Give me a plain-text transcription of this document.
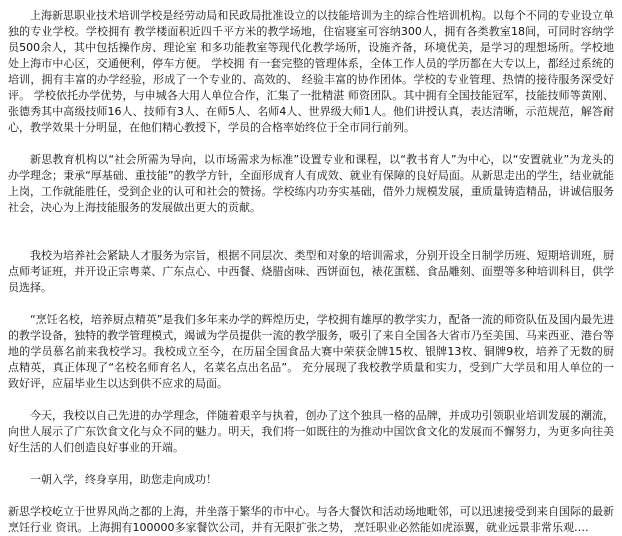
上海新思职业技术培训学校是经劳动局和民政局批准设立的以技能培训为主的综合性培训机构。以每个不同的专业设立单独的专业学校。学校拥有 教学楼面积近四千平方米的教学场地，住宿寝室可容纳300人，拥有各类教室18间，可同时容纳学员500余人，其中包括操作房、理论室 和多功能教室等现代化教学场所，设施齐备，环境优美，是学习的理想场所。学校地处上海市中心区，交通便利，停车方便。 学校拥 有一套完整的管理体系，全体工作人员的学历都在大专以上，都经过系统的培训，拥有丰富的办学经验，形成了一个专业的、高效的、 经验丰富的协作团体。学校的专业管理、热情的接待服务深受好评。 学校依托办学优势，与申城各大用人单位合作，汇集了一批精湛 师资团队。其中拥有全国技能冠军，技能技师等黄刚、张德秀其中高级技师16人、技师有3人、在师5人、名师4人、世界级大师1人。他们讲授认真，表达清晰，示范规范，解答耐心，教学效果十分明显，在他们精心教授下，学员的合格率始终位于全市同行前列。

新思教育机构以“社会所需为导向，以市场需求为标准”设置专业和课程，以“教书育人”为中心，以“安置就业”为龙头的办学理念；秉承“厚基础、重技能”的教学方针，全面形成育人有成效、就业有保障的良好局面。从新思走出的学生，结业就能上岗，工作就能胜任，受到企业的认可和社会的赞扬。学校练内功夯实基础，借外力规模发展，重质量铸造精品，讲诚信服务社会，决心为上海技能服务的发展做出更大的贡献。

我校为培养社会紧缺人才服务为宗旨，根据不同层次、类型和对象的培训需求，分别开设全日制学历班、短期培训班，厨点师考证班，并开设正宗粤菜、广东点心、中西餐、烧腊卤味、西饼面包，裱花蛋糕、食品雕刻、面塑等多种培训科目，供学员选择。

“烹饪名校，培养厨点精英”是我们多年来办学的辉煌历史，学校拥有雄厚的教学实力，配备一流的师资队伍及国内最先进的教学设备，独特的教学管理模式，竭诚为学员提供一流的教学服务，吸引了来自全国各大省市乃至美国、马来西亚、港台等地的学员慕名前来我校学习。我校成立至今，在历届全国食品大赛中荣获金牌15枚、银牌13枚、铜牌9枚，培养了无数的厨点精英，真正体现了“名校名师育名人，名菜名点出名品”。 充分展现了我校教学质量和实力，受到广大学员和用人单位的一致好评，应届毕业生以达到供不应求的局面。

今天，我校以自己先进的办学理念，伴随着艰辛与执着，创办了这个独具一格的品牌，并成功引领职业培训发展的潮流，向世人展示了广东饮食文化与众不同的魅力。明天，我们将一如既往的为推动中国饮食文化的发展而不懈努力，为更多向往美好生活的人们创造良好事业的开端。

一朝入学，终身享用，助您走向成功！

新思学校屹立于世界风尚之都的上海，并坐落于繁华的市中心。与各大餐饮和活动场地毗邻，可以迅速接受到来自国际的最新烹饪行业 资讯。上海拥有100000多家餐饮公司，并有无限扩张之势， 烹饪职业必然能如虎添翼，就业远景非常乐观….
